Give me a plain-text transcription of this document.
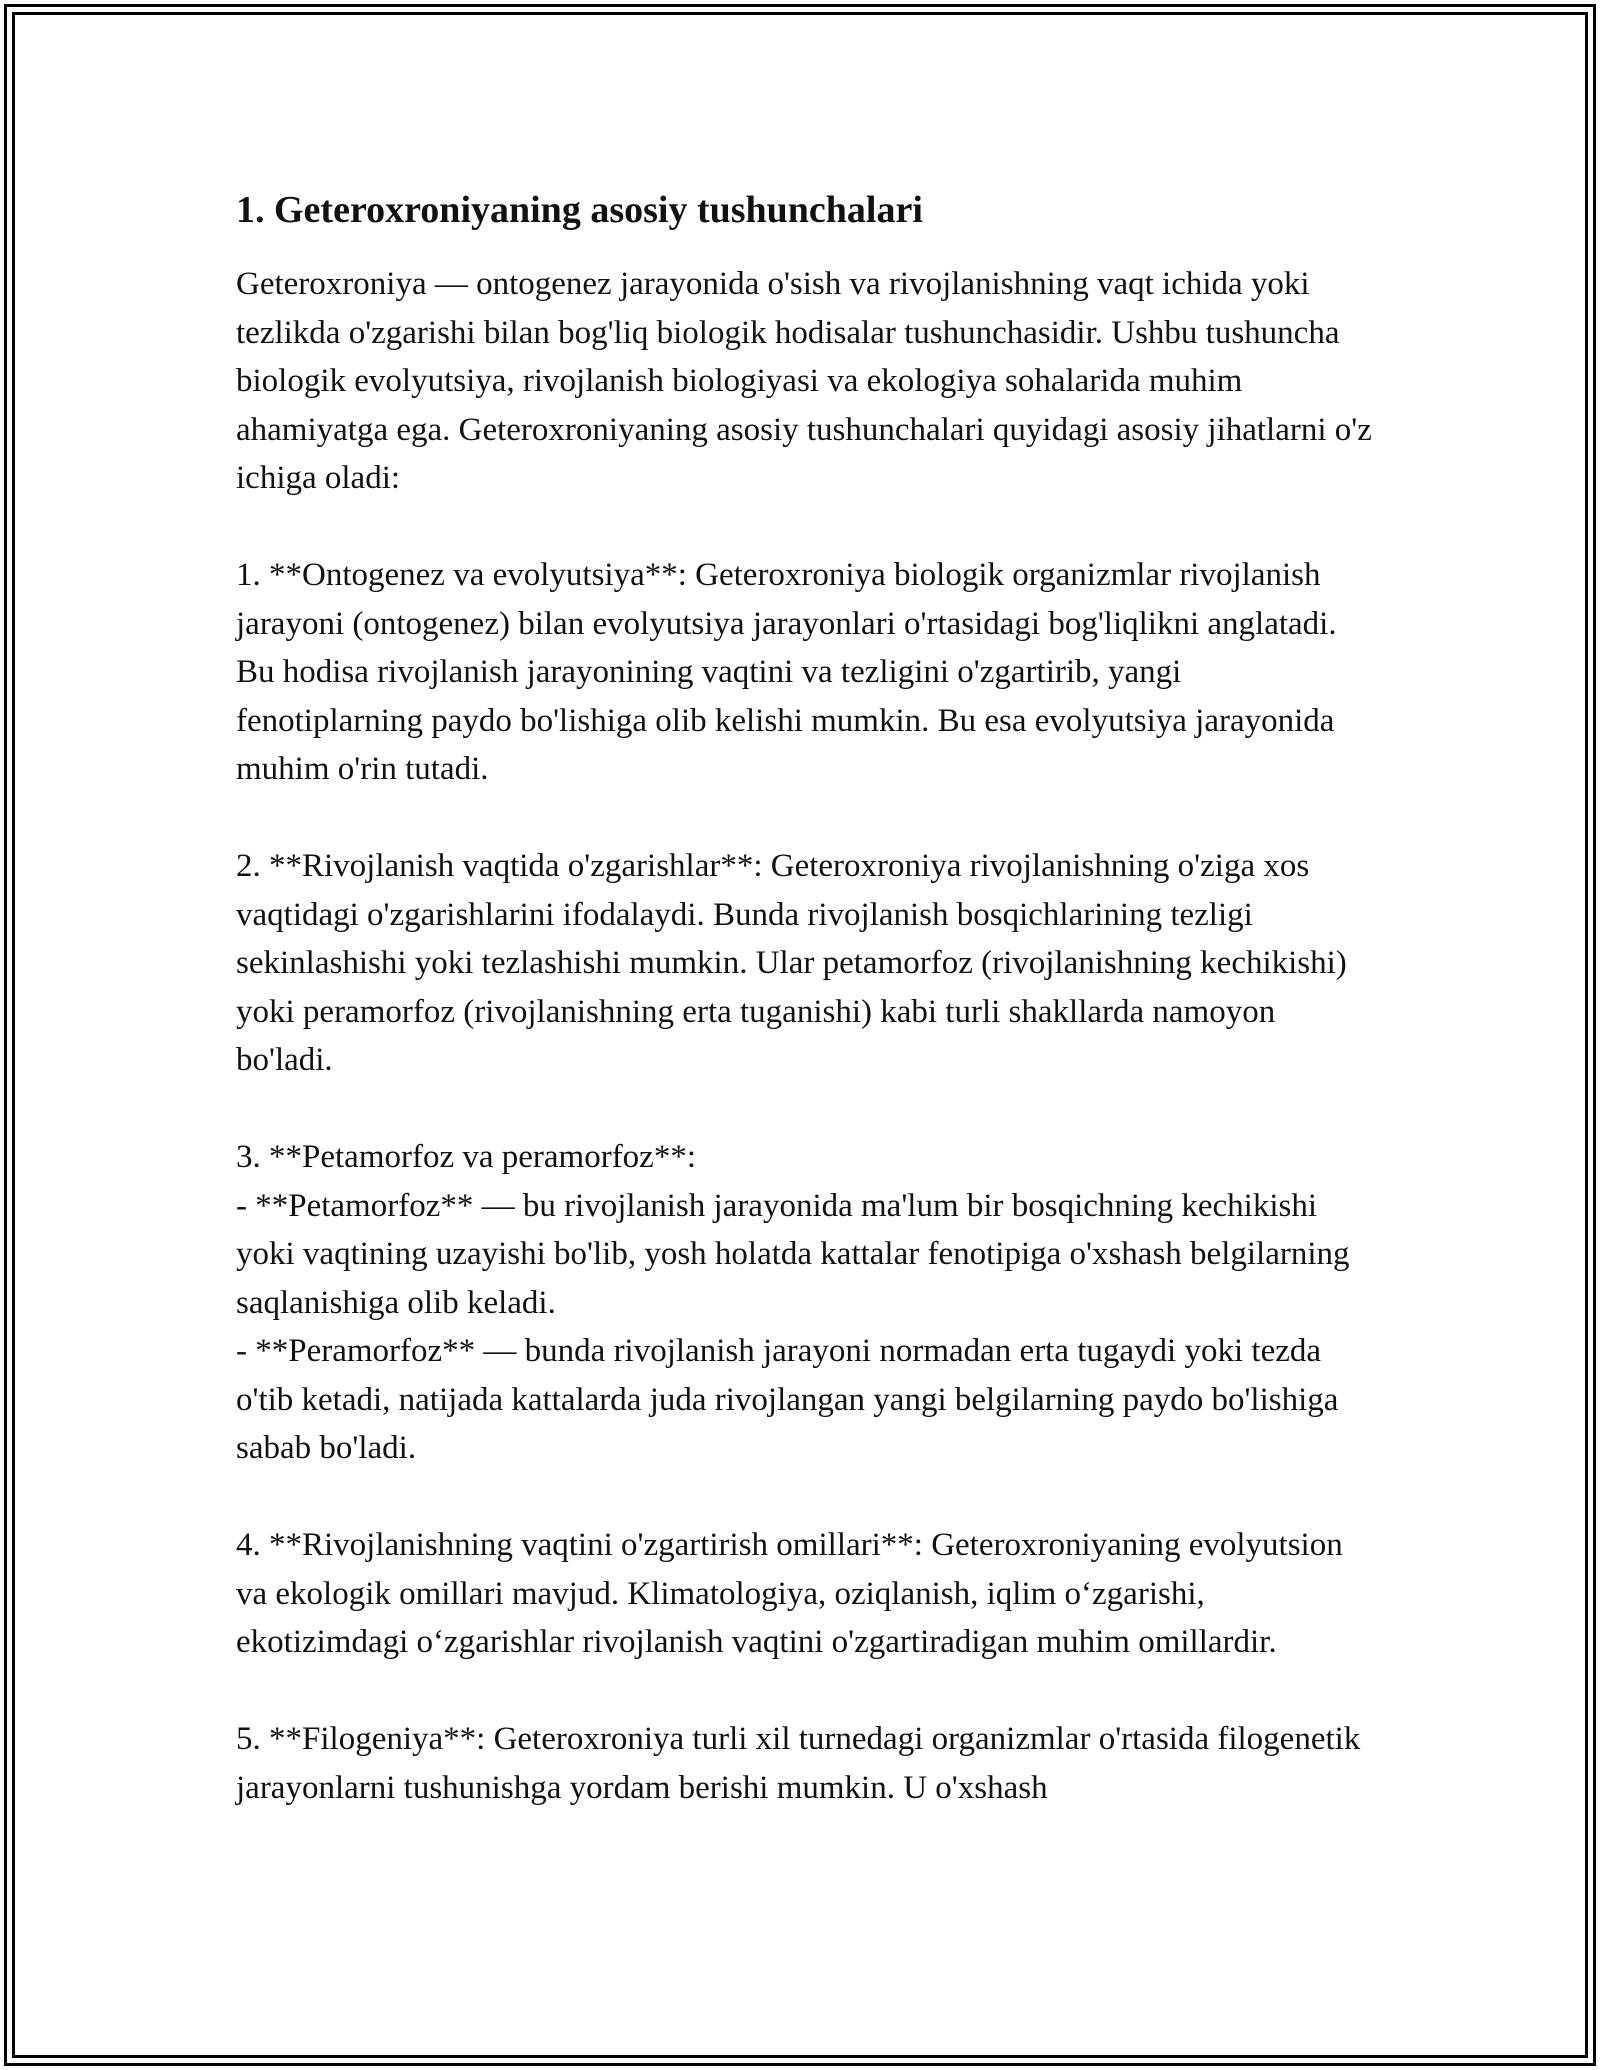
1. Geteroxroniyaning asosiy tushunchalari

Geteroxroniya — ontogenez jarayonida o'sish va rivojlanishning vaqt ichida yoki tezlikda o'zgarishi bilan bog'liq biologik hodisalar tushunchasidir. Ushbu tushuncha biologik evolyutsiya, rivojlanish biologiyasi va ekologiya sohalarida muhim ahamiyatga ega. Geteroxroniyaning asosiy tushunchalari quyidagi asosiy jihatlarni o'z ichiga oladi:

1. **Ontogenez va evolyutsiya**: Geteroxroniya biologik organizmlar rivojlanish jarayoni (ontogenez) bilan evolyutsiya jarayonlari o'rtasidagi bog'liqlikni anglatadi. Bu hodisa rivojlanish jarayonining vaqtini va tezligini o'zgartirib, yangi fenotiplarning paydo bo'lishiga olib kelishi mumkin. Bu esa evolyutsiya jarayonida muhim o'rin tutadi.

2. **Rivojlanish vaqtida o'zgarishlar**: Geteroxroniya rivojlanishning o'ziga xos vaqtidagi o'zgarishlarini ifodalaydi. Bunda rivojlanish bosqichlarining tezligi sekinlashishi yoki tezlashishi mumkin. Ular petamorfoz (rivojlanishning kechikishi) yoki peramorfoz (rivojlanishning erta tuganishi) kabi turli shakllarda namoyon bo'ladi.

3. **Petamorfoz va peramorfoz**:
- **Petamorfoz** — bu rivojlanish jarayonida ma'lum bir bosqichning kechikishi yoki vaqtining uzayishi bo'lib, yosh holatda kattalar fenotipiga o'xshash belgilarning saqlanishiga olib keladi.
- **Peramorfoz** — bunda rivojlanish jarayoni normadan erta tugaydi yoki tezda o'tib ketadi, natijada kattalarda juda rivojlangan yangi belgilarning paydo bo'lishiga sabab bo'ladi.

4. **Rivojlanishning vaqtini o'zgartirish omillari**: Geteroxroniyaning evolyutsion va ekologik omillari mavjud. Klimatologiya, oziqlanish, iqlim o‘zgarishi, ekotizimdagi o‘zgarishlar rivojlanish vaqtini o'zgartiradigan muhim omillardir.

5. **Filogeniya**: Geteroxroniya turli xil turnedagi organizmlar o'rtasida filogenetik jarayonlarni tushunishga yordam berishi mumkin. U o'xshash
